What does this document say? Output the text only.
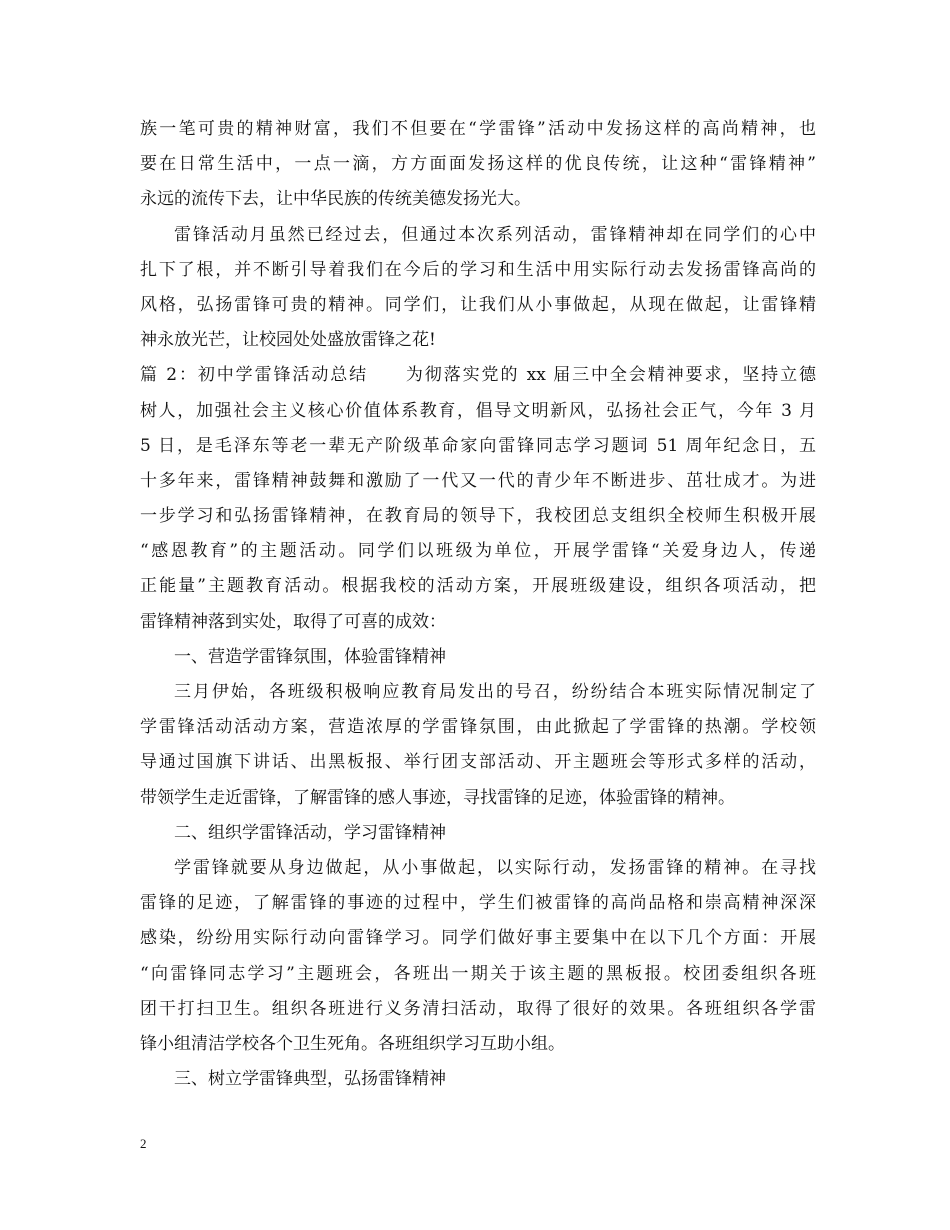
族一笔可贵的精神财富，我们不但要在“学雷锋”活动中发扬这样的高尚精神，也
要在日常生活中，一点一滴，方方面面发扬这样的优良传统，让这种“雷锋精神”
永远的流传下去，让中华民族的传统美德发扬光大。
雷锋活动月虽然已经过去，但通过本次系列活动，雷锋精神却在同学们的心中
扎下了根，并不断引导着我们在今后的学习和生活中用实际行动去发扬雷锋高尚的
风格，弘扬雷锋可贵的精神。同学们，让我们从小事做起，从现在做起，让雷锋精
神永放光芒，让校园处处盛放雷锋之花!
篇 2：初中学雷锋活动总结　　为彻落实党的 xx 届三中全会精神要求，坚持立德
树人，加强社会主义核心价值体系教育，倡导文明新风，弘扬社会正气，今年 3 月
5 日，是毛泽东等老一辈无产阶级革命家向雷锋同志学习题词 51 周年纪念日，五
十多年来，雷锋精神鼓舞和激励了一代又一代的青少年不断进步、茁壮成才。为进
一步学习和弘扬雷锋精神，在教育局的领导下，我校团总支组织全校师生积极开展
“感恩教育”的主题活动。同学们以班级为单位，开展学雷锋“关爱身边人，传递
正能量”主题教育活动。根据我校的活动方案，开展班级建设，组织各项活动，把
雷锋精神落到实处，取得了可喜的成效：
一、营造学雷锋氛围，体验雷锋精神
三月伊始，各班级积极响应教育局发出的号召，纷纷结合本班实际情况制定了
学雷锋活动活动方案，营造浓厚的学雷锋氛围，由此掀起了学雷锋的热潮。学校领
导通过国旗下讲话、出黑板报、举行团支部活动、开主题班会等形式多样的活动，
带领学生走近雷锋，了解雷锋的感人事迹，寻找雷锋的足迹，体验雷锋的精神。
二、组织学雷锋活动，学习雷锋精神
学雷锋就要从身边做起，从小事做起，以实际行动，发扬雷锋的精神。在寻找
雷锋的足迹，了解雷锋的事迹的过程中，学生们被雷锋的高尚品格和崇高精神深深
感染，纷纷用实际行动向雷锋学习。同学们做好事主要集中在以下几个方面：开展
“向雷锋同志学习”主题班会，各班出一期关于该主题的黑板报。校团委组织各班
团干打扫卫生。组织各班进行义务清扫活动，取得了很好的效果。各班组织各学雷
锋小组清洁学校各个卫生死角。各班组织学习互助小组。
三、树立学雷锋典型，弘扬雷锋精神
2
